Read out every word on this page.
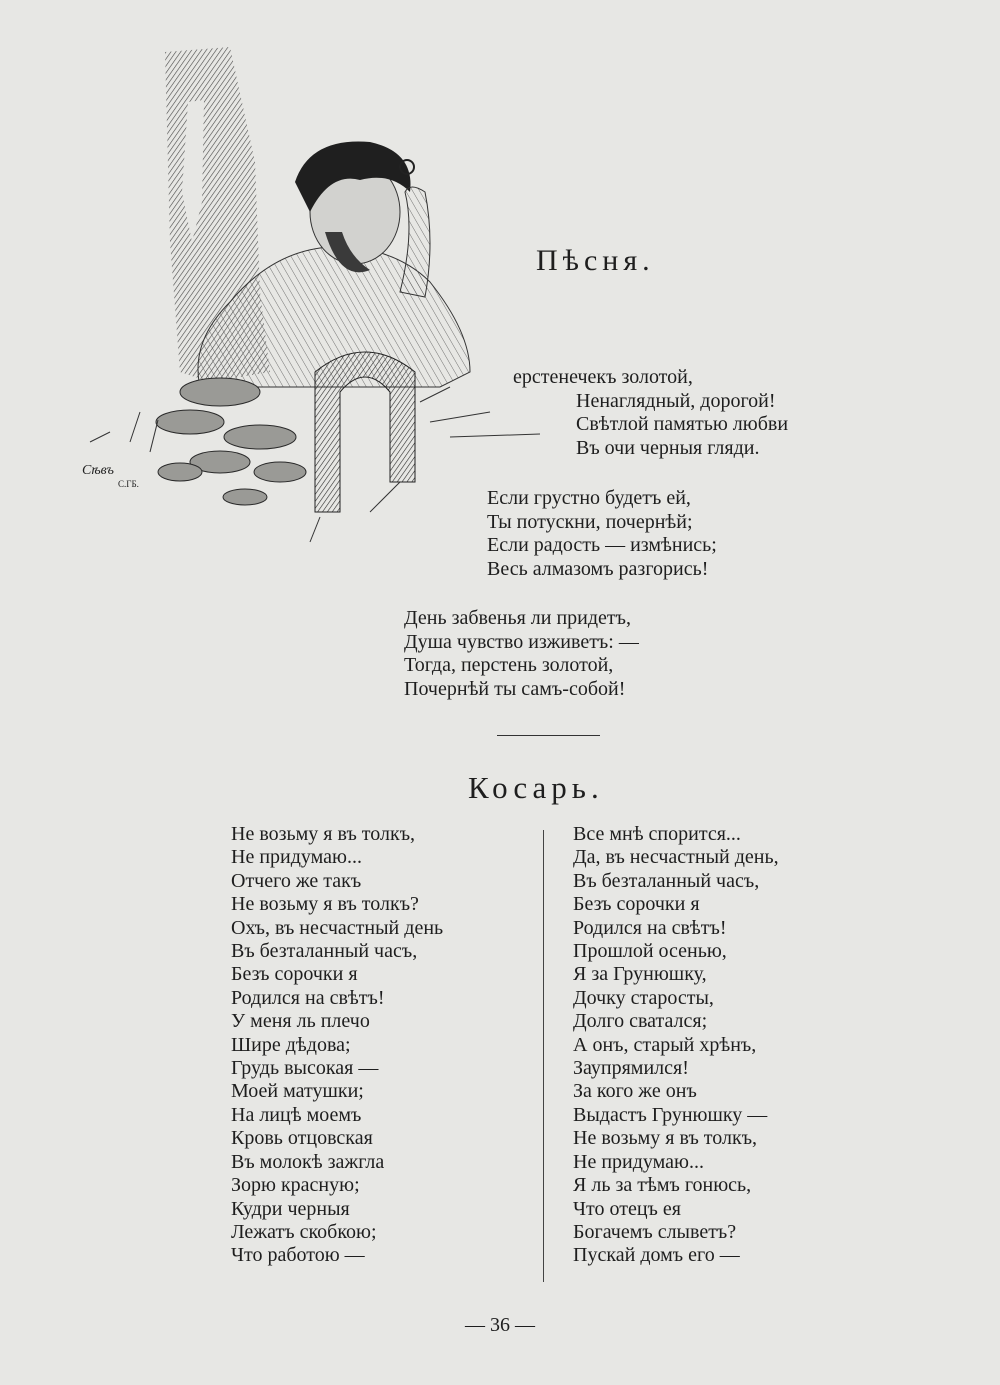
Сѣвъ
С.ГБ.
Пѣсня.
ерстенечекъ золотой,
Ненаглядный, дорогой!
Свѣтлой памятью любви
Въ очи черныя гляди.
Если грустно будетъ ей,
Ты потускни, почернѣй;
Если радость — измѣнись;
Весь алмазомъ разгорись!
День забвенья ли придетъ,
Душа чувство изживетъ: —
Тогда, перстень золотой,
Почернѣй ты самъ-собой!
Косарь.
Не возьму я въ толкъ,
Не придумаю...
Отчего же такъ
Не возьму я въ толкъ?
Охъ, въ несчастный день
Въ безталанный часъ,
Безъ сорочки я
Родился на свѣтъ!
У меня ль плечо
Шире дѣдова;
Грудь высокая —
Моей матушки;
На лицѣ моемъ
Кровь отцовская
Въ молокѣ зажгла
Зорю красную;
Кудри черныя
Лежатъ скобкою;
Что работою —
Все мнѣ спорится...
Да, въ несчастный день,
Въ безталанный часъ,
Безъ сорочки я
Родился на свѣтъ!
Прошлой осенью,
Я за Грунюшку,
Дочку старосты,
Долго сватался;
А онъ, старый хрѣнъ,
Заупрямился!
За кого же онъ
Выдастъ Грунюшку —
Не возьму я въ толкъ,
Не придумаю...
Я ль за тѣмъ гонюсь,
Что отецъ ея
Богачемъ слыветъ?
Пускай домъ его —
— 36 —
